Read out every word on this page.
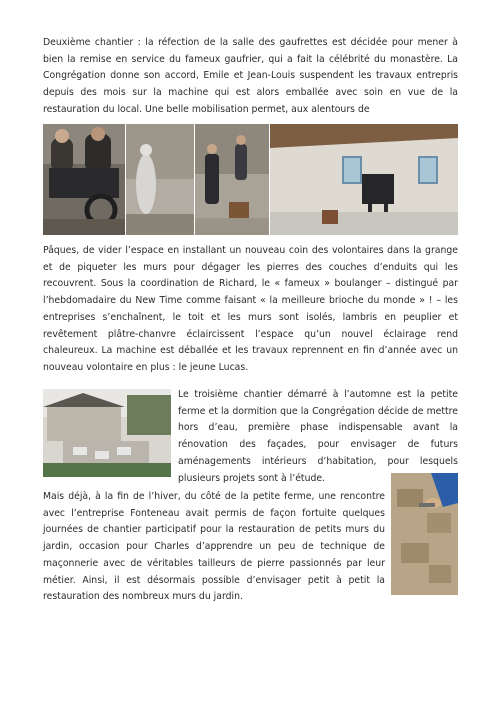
Deuxième chantier : la réfection de la salle des gaufrettes est décidée pour mener à bien la remise en service du fameux gaufrier, qui a fait la célébrité du monastère. La Congrégation donne son accord, Emile et Jean-Louis suspendent les travaux entrepris depuis des mois sur la machine qui est alors emballée avec soin en vue de la restauration du local. Une belle mobilisation permet, aux alentours de

Pâques, de vider l’espace en installant un nouveau coin des volontaires dans la grange et de piqueter les murs pour dégager les pierres des couches d’enduits qui les recouvrent. Sous la coordination de Richard, le « fameux » boulanger – distingué par l’hebdomadaire du New Time comme faisant « la meilleure brioche du monde » ! – les entreprises s’enchaînent, le toit et les murs sont isolés, lambris en peuplier et revêtement plâtre-chanvre éclaircissent l’espace qu’un nouvel éclairage rend chaleureux. La machine est déballée et les travaux reprennent en fin d’année avec un nouveau volontaire en plus : le jeune Lucas.

Le troisième chantier démarré à l’automne est la petite ferme et la dormition que la Congrégation décide de mettre hors d’eau, première phase indispensable avant la rénovation des façades, pour envisager de futurs aménagements intérieurs d’habitation, pour lesquels plusieurs projets sont à l’étude.

Mais déjà, à la fin de l’hiver, du côté de la petite ferme, une rencontre avec l’entreprise Fonteneau avait permis de façon fortuite quelques journées de chantier participatif pour la restauration de petits murs du jardin, occasion pour Charles d’apprendre un peu de technique de maçonnerie avec de véritables tailleurs de pierre passionnés par leur métier. Ainsi, il est désormais possible d’envisager petit à petit la restauration des nombreux murs du jardin.
